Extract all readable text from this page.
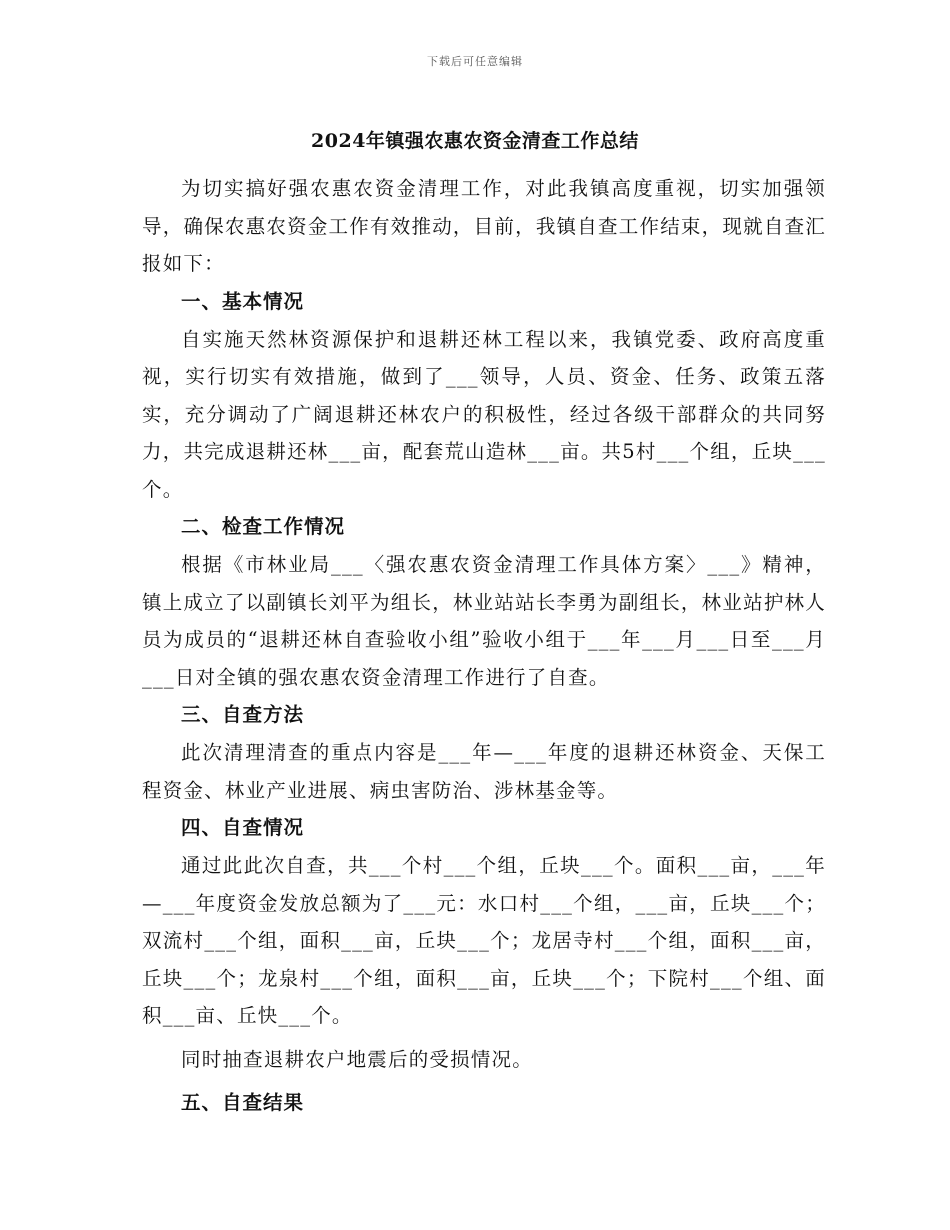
下载后可任意编辑
2024年镇强农惠农资金清查工作总结

为切实搞好强农惠农资金清理工作，对此我镇高度重视，切实加强领导，确保农惠农资金工作有效推动，目前，我镇自查工作结束，现就自查汇报如下：

一、基本情况

自实施天然林资源保护和退耕还林工程以来，我镇党委、政府高度重视，实行切实有效措施，做到了___领导，人员、资金、任务、政策五落实，充分调动了广阔退耕还林农户的积极性，经过各级干部群众的共同努力，共完成退耕还林___亩，配套荒山造林___亩。共5村___个组，丘块___个。

二、检查工作情况

根据《市林业局___〈强农惠农资金清理工作具体方案〉___》精神，镇上成立了以副镇长刘平为组长，林业站站长李勇为副组长，林业站护林人员为成员的“退耕还林自查验收小组”验收小组于___年___月___日至___月___日对全镇的强农惠农资金清理工作进行了自查。

三、自查方法

此次清理清查的重点内容是___年—___年度的退耕还林资金、天保工程资金、林业产业进展、病虫害防治、涉林基金等。

四、自查情况

通过此此次自查，共___个村___个组，丘块___个。面积___亩，___年—___年度资金发放总额为了___元：水口村___个组，___亩，丘块___个；双流村___个组，面积___亩，丘块___个；龙居寺村___个组，面积___亩，丘块___个；龙泉村___个组，面积___亩，丘块___个；下院村___个组、面积___亩、丘快___个。

同时抽查退耕农户地震后的受损情况。

五、自查结果
